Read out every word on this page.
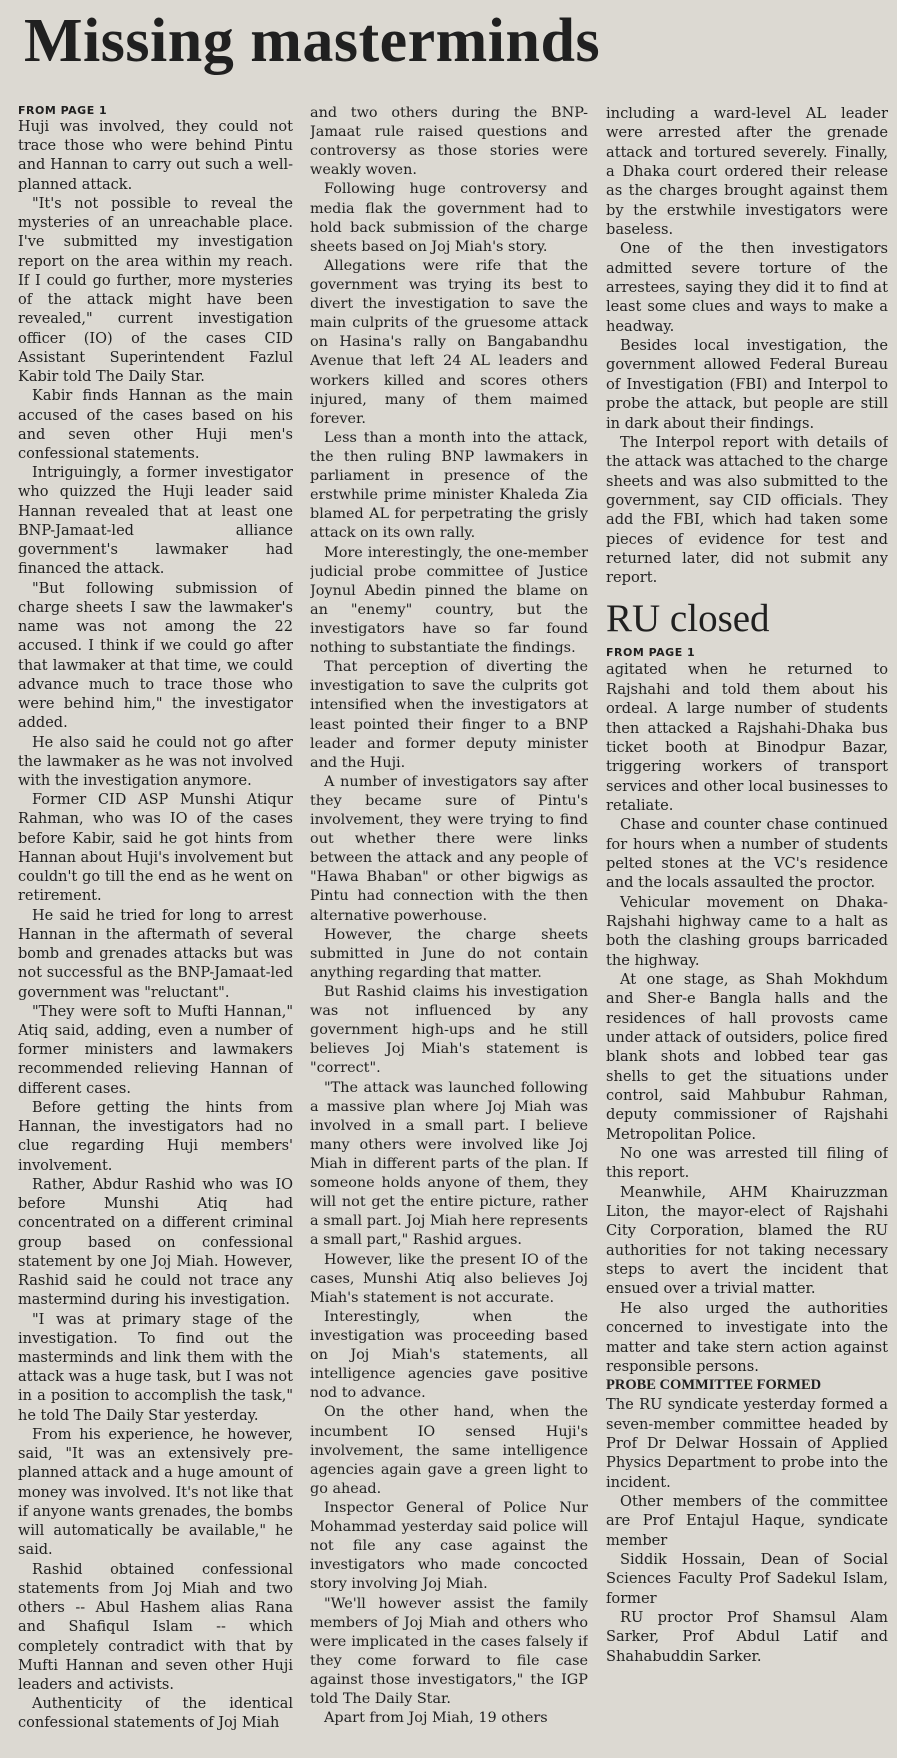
Missing masterminds
FROM PAGE 1

Huji was involved, they could not trace those who were behind Pintu and Hannan to carry out such a well-planned attack.

"It's not possible to reveal the mysteries of an unreachable place. I've submitted my investigation report on the area within my reach. If I could go further, more mysteries of the attack might have been revealed," current investigation officer (IO) of the cases CID Assistant Superintendent Fazlul Kabir told The Daily Star.

Kabir finds Hannan as the main accused of the cases based on his and seven other Huji men's confessional statements.

Intriguingly, a former investigator who quizzed the Huji leader said Hannan revealed that at least one BNP-Jamaat-led alliance government's lawmaker had financed the attack.

"But following submission of charge sheets I saw the lawmaker's name was not among the 22 accused. I think if we could go after that lawmaker at that time, we could advance much to trace those who were behind him," the investigator added.

He also said he could not go after the lawmaker as he was not involved with the investigation anymore.

Former CID ASP Munshi Atiqur Rahman, who was IO of the cases before Kabir, said he got hints from Hannan about Huji's involvement but couldn't go till the end as he went on retirement.

He said he tried for long to arrest Hannan in the aftermath of several bomb and grenades attacks but was not successful as the BNP-Jamaat-led government was "reluctant".

"They were soft to Mufti Hannan," Atiq said, adding, even a number of former ministers and lawmakers recommended relieving Hannan of different cases.

Before getting the hints from Hannan, the investigators had no clue regarding Huji members' involvement.

Rather, Abdur Rashid who was IO before Munshi Atiq had concentrated on a different criminal group based on confessional statement by one Joj Miah. However, Rashid said he could not trace any mastermind during his investigation.

"I was at primary stage of the investigation. To find out the masterminds and link them with the attack was a huge task, but I was not in a position to accomplish the task," he told The Daily Star yesterday.

From his experience, he however, said, "It was an extensively pre-planned attack and a huge amount of money was involved. It's not like that if anyone wants grenades, the bombs will automatically be available," he said.

Rashid obtained confessional statements from Joj Miah and two others -- Abul Hashem alias Rana and Shafiqul Islam -- which completely contradict with that by Mufti Hannan and seven other Huji leaders and activists.

Authenticity of the identical confessional statements of Joj Miah

and two others during the BNP-Jamaat rule raised questions and controversy as those stories were weakly woven.

Following huge controversy and media flak the government had to hold back submission of the charge sheets based on Joj Miah's story.

Allegations were rife that the government was trying its best to divert the investigation to save the main culprits of the gruesome attack on Hasina's rally on Bangabandhu Avenue that left 24 AL leaders and workers killed and scores others injured, many of them maimed forever.

Less than a month into the attack, the then ruling BNP lawmakers in parliament in presence of the erstwhile prime minister Khaleda Zia blamed AL for perpetrating the grisly attack on its own rally.

More interestingly, the one-member judicial probe committee of Justice Joynul Abedin pinned the blame on an "enemy" country, but the investigators have so far found nothing to substantiate the findings.

That perception of diverting the investigation to save the culprits got intensified when the investigators at least pointed their finger to a BNP leader and former deputy minister and the Huji.

A number of investigators say after they became sure of Pintu's involvement, they were trying to find out whether there were links between the attack and any people of "Hawa Bhaban" or other bigwigs as Pintu had connection with the then alternative powerhouse.

However, the charge sheets submitted in June do not contain anything regarding that matter.

But Rashid claims his investigation was not influenced by any government high-ups and he still believes Joj Miah's statement is "correct".

"The attack was launched following a massive plan where Joj Miah was involved in a small part. I believe many others were involved like Joj Miah in different parts of the plan. If someone holds anyone of them, they will not get the entire picture, rather a small part. Joj Miah here represents a small part," Rashid argues.

However, like the present IO of the cases, Munshi Atiq also believes Joj Miah's statement is not accurate.

Interestingly, when the investigation was proceeding based on Joj Miah's statements, all intelligence agencies gave positive nod to advance.

On the other hand, when the incumbent IO sensed Huji's involvement, the same intelligence agencies again gave a green light to go ahead.

Inspector General of Police Nur Mohammad yesterday said police will not file any case against the investigators who made concocted story involving Joj Miah.

"We'll however assist the family members of Joj Miah and others who were implicated in the cases falsely if they come forward to file case against those investigators," the IGP told The Daily Star.

Apart from Joj Miah, 19 others

including a ward-level AL leader were arrested after the grenade attack and tortured severely. Finally, a Dhaka court ordered their release as the charges brought against them by the erstwhile investigators were baseless.

One of the then investigators admitted severe torture of the arrestees, saying they did it to find at least some clues and ways to make a headway.

Besides local investigation, the government allowed Federal Bureau of Investigation (FBI) and Interpol to probe the attack, but people are still in dark about their findings.

The Interpol report with details of the attack was attached to the charge sheets and was also submitted to the government, say CID officials. They add the FBI, which had taken some pieces of evidence for test and returned later, did not submit any report.

RU closed
FROM PAGE 1

agitated when he returned to Rajshahi and told them about his ordeal. A large number of students then attacked a Rajshahi-Dhaka bus ticket booth at Binodpur Bazar, triggering workers of transport services and other local businesses to retaliate.

Chase and counter chase continued for hours when a number of students pelted stones at the VC's residence and the locals assaulted the proctor.

Vehicular movement on Dhaka-Rajshahi highway came to a halt as both the clashing groups barricaded the highway.

At one stage, as Shah Mokhdum and Sher-e Bangla halls and the residences of hall provosts came under attack of outsiders, police fired blank shots and lobbed tear gas shells to get the situations under control, said Mahbubur Rahman, deputy commissioner of Rajshahi Metropolitan Police.

No one was arrested till filing of this report.

Meanwhile, AHM Khairuzzman Liton, the mayor-elect of Rajshahi City Corporation, blamed the RU authorities for not taking necessary steps to avert the incident that ensued over a trivial matter.

He also urged the authorities concerned to investigate into the matter and take stern action against responsible persons.

PROBE COMMITTEE FORMED

The RU syndicate yesterday formed a seven-member committee headed by Prof Dr Delwar Hossain of Applied Physics Department to probe into the incident.

Other members of the committee are Prof Entajul Haque, syndicate member

Siddik Hossain, Dean of Social Sciences Faculty Prof Sadekul Islam, former

RU proctor Prof Shamsul Alam Sarker, Prof Abdul Latif and Shahabuddin Sarker.
